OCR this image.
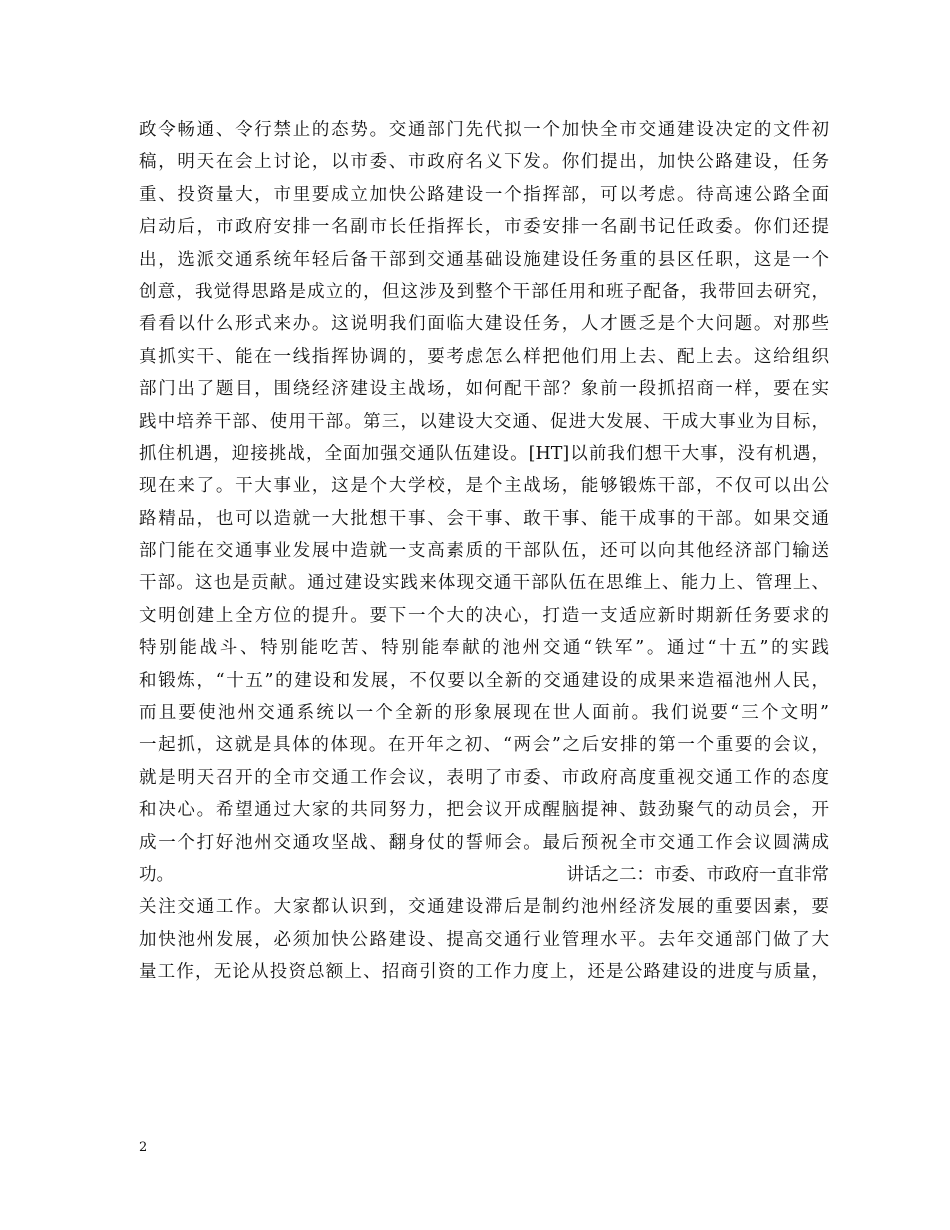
政令畅通、令行禁止的态势。交通部门先代拟一个加快全市交通建设决定的文件初
稿，明天在会上讨论，以市委、市政府名义下发。你们提出，加快公路建设，任务
重、投资量大，市里要成立加快公路建设一个指挥部，可以考虑。待高速公路全面
启动后，市政府安排一名副市长任指挥长，市委安排一名副书记任政委。你们还提
出，选派交通系统年轻后备干部到交通基础设施建设任务重的县区任职，这是一个
创意，我觉得思路是成立的，但这涉及到整个干部任用和班子配备，我带回去研究，
看看以什么形式来办。这说明我们面临大建设任务，人才匮乏是个大问题。对那些
真抓实干、能在一线指挥协调的，要考虑怎么样把他们用上去、配上去。这给组织
部门出了题目，围绕经济建设主战场，如何配干部？象前一段抓招商一样，要在实
践中培养干部、使用干部。第三，以建设大交通、促进大发展、干成大事业为目标，
抓住机遇，迎接挑战，全面加强交通队伍建设。[HT]以前我们想干大事，没有机遇，
现在来了。干大事业，这是个大学校，是个主战场，能够锻炼干部，不仅可以出公
路精品，也可以造就一大批想干事、会干事、敢干事、能干成事的干部。如果交通
部门能在交通事业发展中造就一支高素质的干部队伍，还可以向其他经济部门输送
干部。这也是贡献。通过建设实践来体现交通干部队伍在思维上、能力上、管理上、
文明创建上全方位的提升。要下一个大的决心，打造一支适应新时期新任务要求的
特别能战斗、特别能吃苦、特别能奉献的池州交通“铁军”。通过“十五”的实践
和锻炼，“十五”的建设和发展，不仅要以全新的交通建设的成果来造福池州人民，
而且要使池州交通系统以一个全新的形象展现在世人面前。我们说要“三个文明”
一起抓，这就是具体的体现。在开年之初、“两会”之后安排的第一个重要的会议，
就是明天召开的全市交通工作会议，表明了市委、市政府高度重视交通工作的态度
和决心。希望通过大家的共同努力，把会议开成醒脑提神、鼓劲聚气的动员会，开
成一个打好池州交通攻坚战、翻身仗的誓师会。最后预祝全市交通工作会议圆满成
功。	讲话之二：市委、市政府一直非常
关注交通工作。大家都认识到，交通建设滞后是制约池州经济发展的重要因素，要
加快池州发展，必须加快公路建设、提高交通行业管理水平。去年交通部门做了大
量工作，无论从投资总额上、招商引资的工作力度上，还是公路建设的进度与质量，
2
